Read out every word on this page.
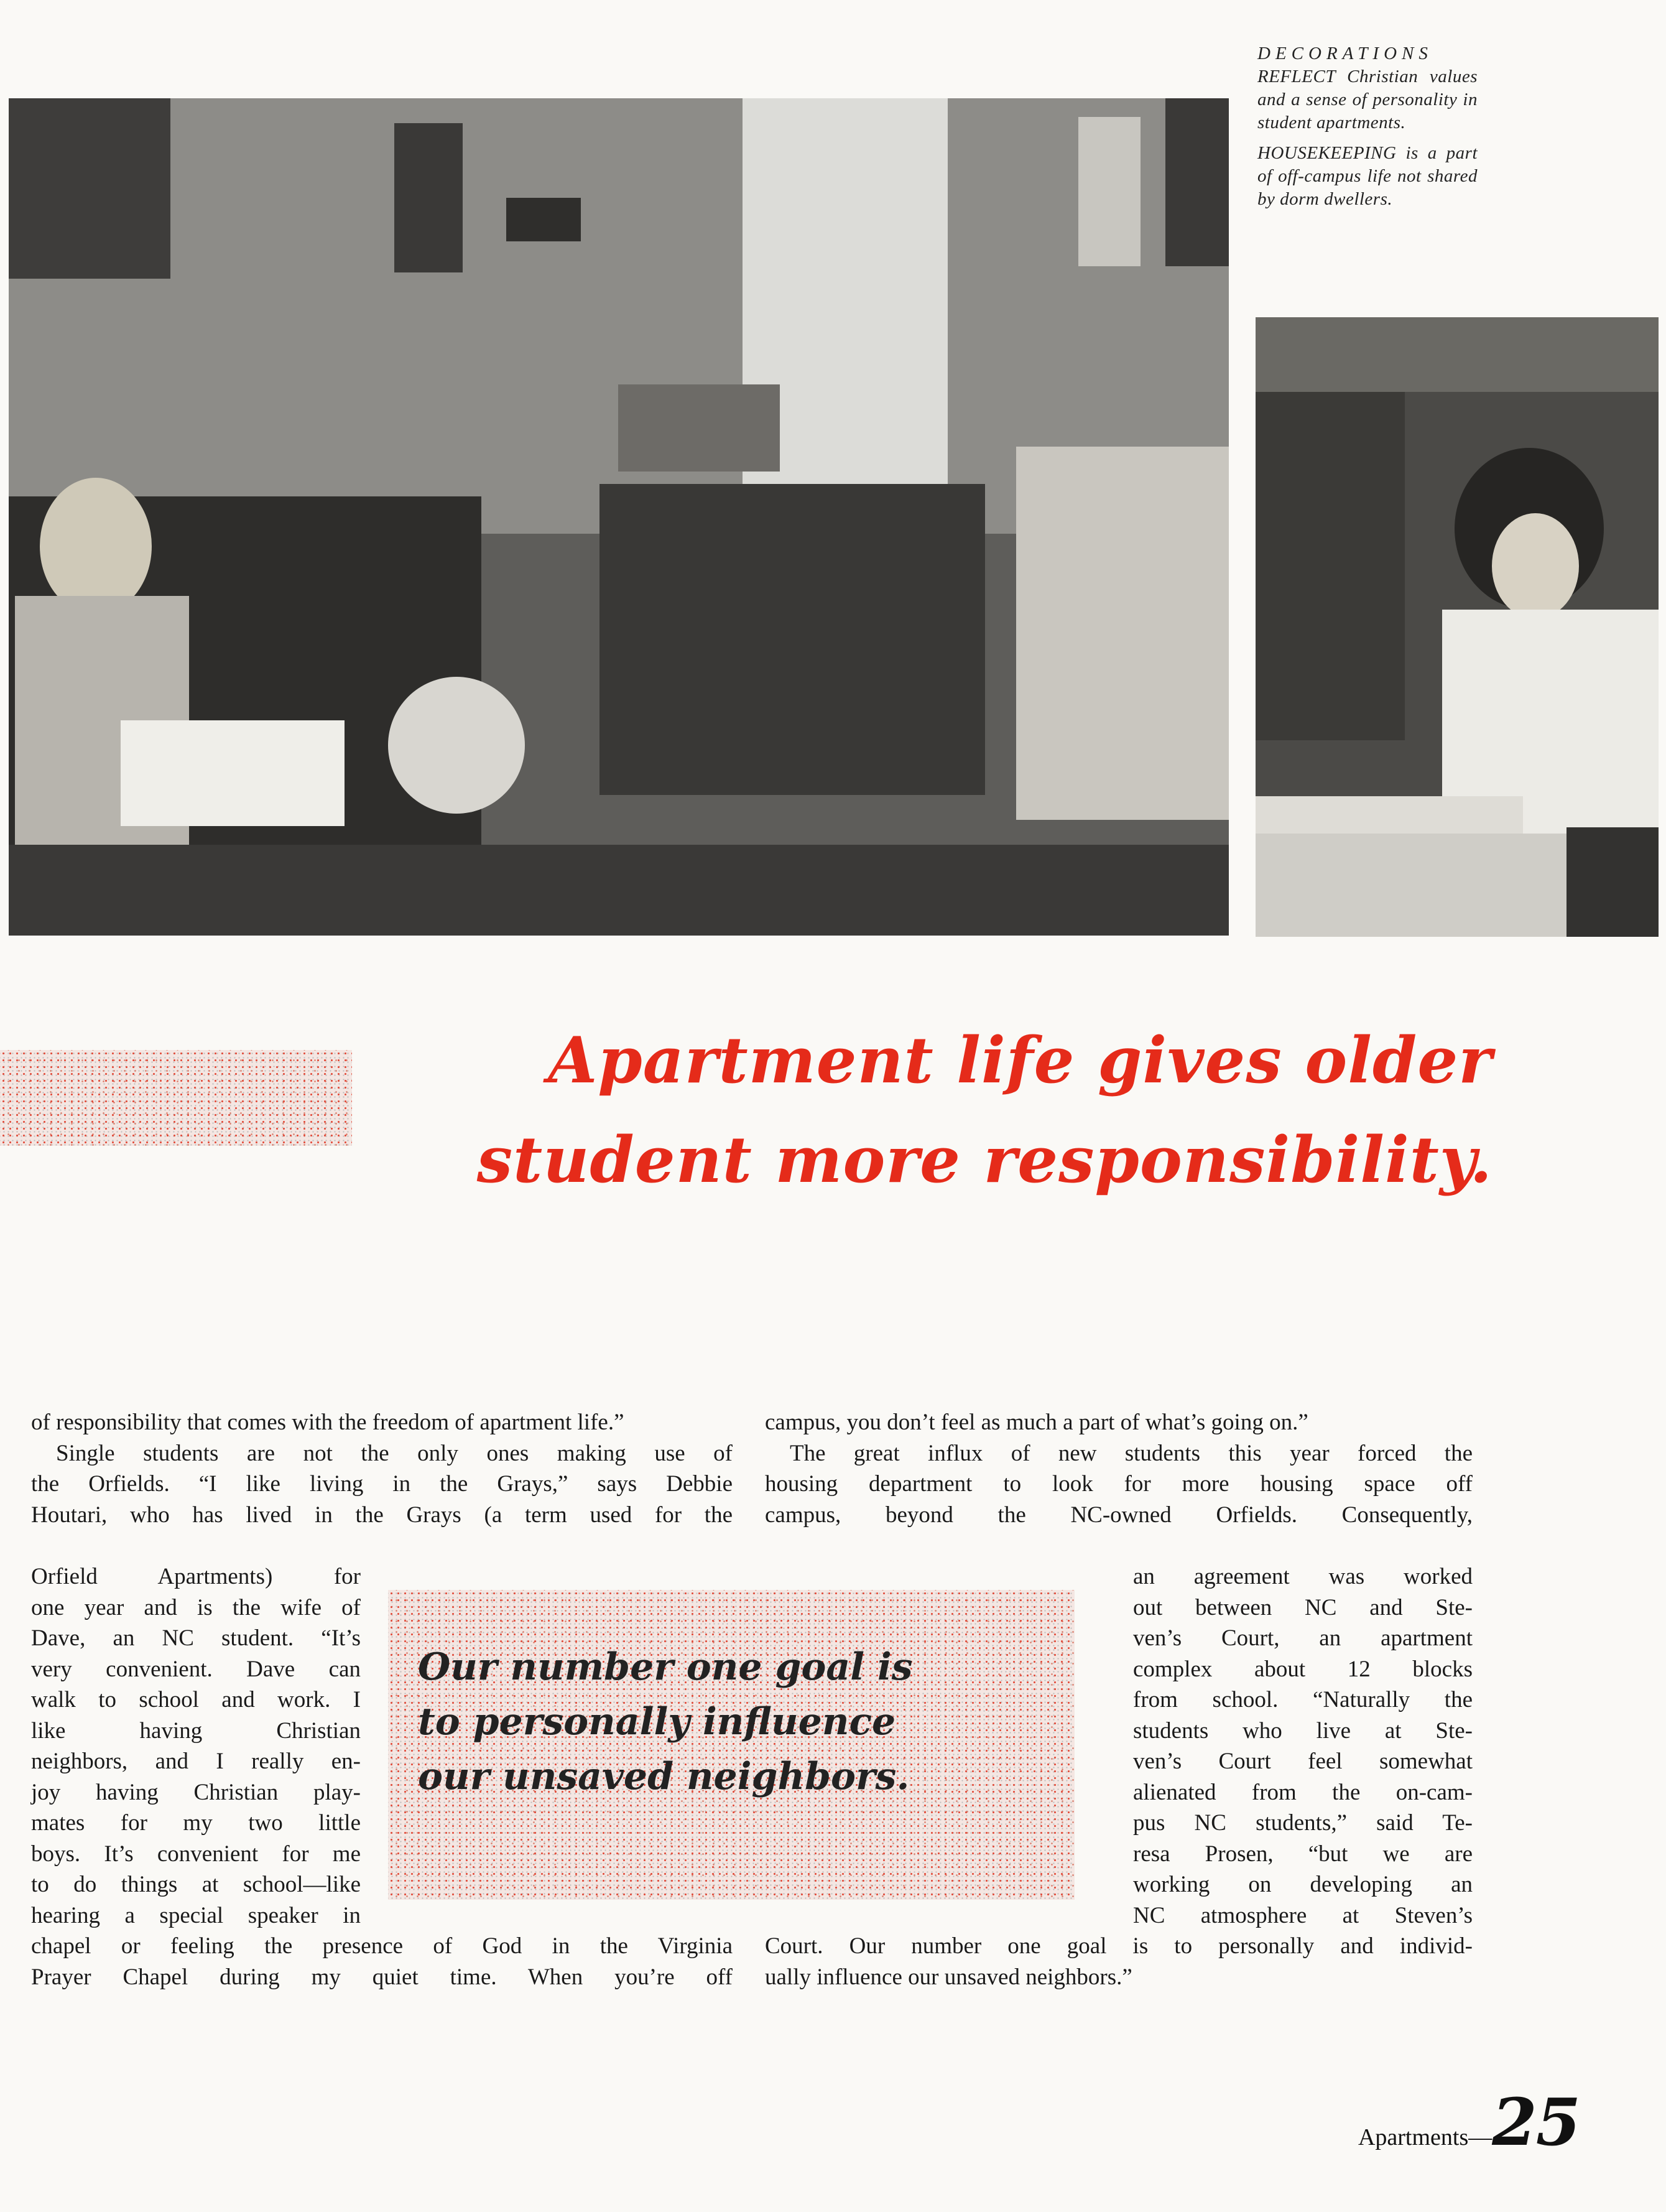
DECORATIONS REFLECT Christian values and a sense of personality in student apartments.

HOUSEKEEPING is a part of off-campus life not shared by dorm dwellers.

Apartment life gives older
student more responsibility.

of responsibility that comes with the freedom of apartment life.”

Single students are not the only ones making use of

the Orfields. “I like living in the Grays,” says Debbie

Houtari, who has lived in the Grays (a term used for the

Orfield Apartments) for

one year and is the wife of

Dave, an NC student. “It’s

very convenient. Dave can

walk to school and work. I

like having Christian

neighbors, and I really en-

joy having Christian play-

mates for my two little

boys. It’s convenient for me

to do things at school—like

hearing a special speaker in

chapel or feeling the presence of God in the Virginia

Prayer Chapel during my quiet time. When you’re off

Our number one goal is
to personally influence
our unsaved neighbors.

campus, you don’t feel as much a part of what’s going on.”

The great influx of new students this year forced the

housing department to look for more housing space off

campus, beyond the NC-owned Orfields. Consequently,

an agreement was worked

out between NC and Ste-

ven’s Court, an apartment

complex about 12 blocks

from school. “Naturally the

students who live at Ste-

ven’s Court feel somewhat

alienated from the on-cam-

pus NC students,” said Te-

resa Prosen, “but we are

working on developing an

NC atmosphere at Steven’s

Court. Our number one goal is to personally and individ-

ually influence our unsaved neighbors.”

Apartments—25
